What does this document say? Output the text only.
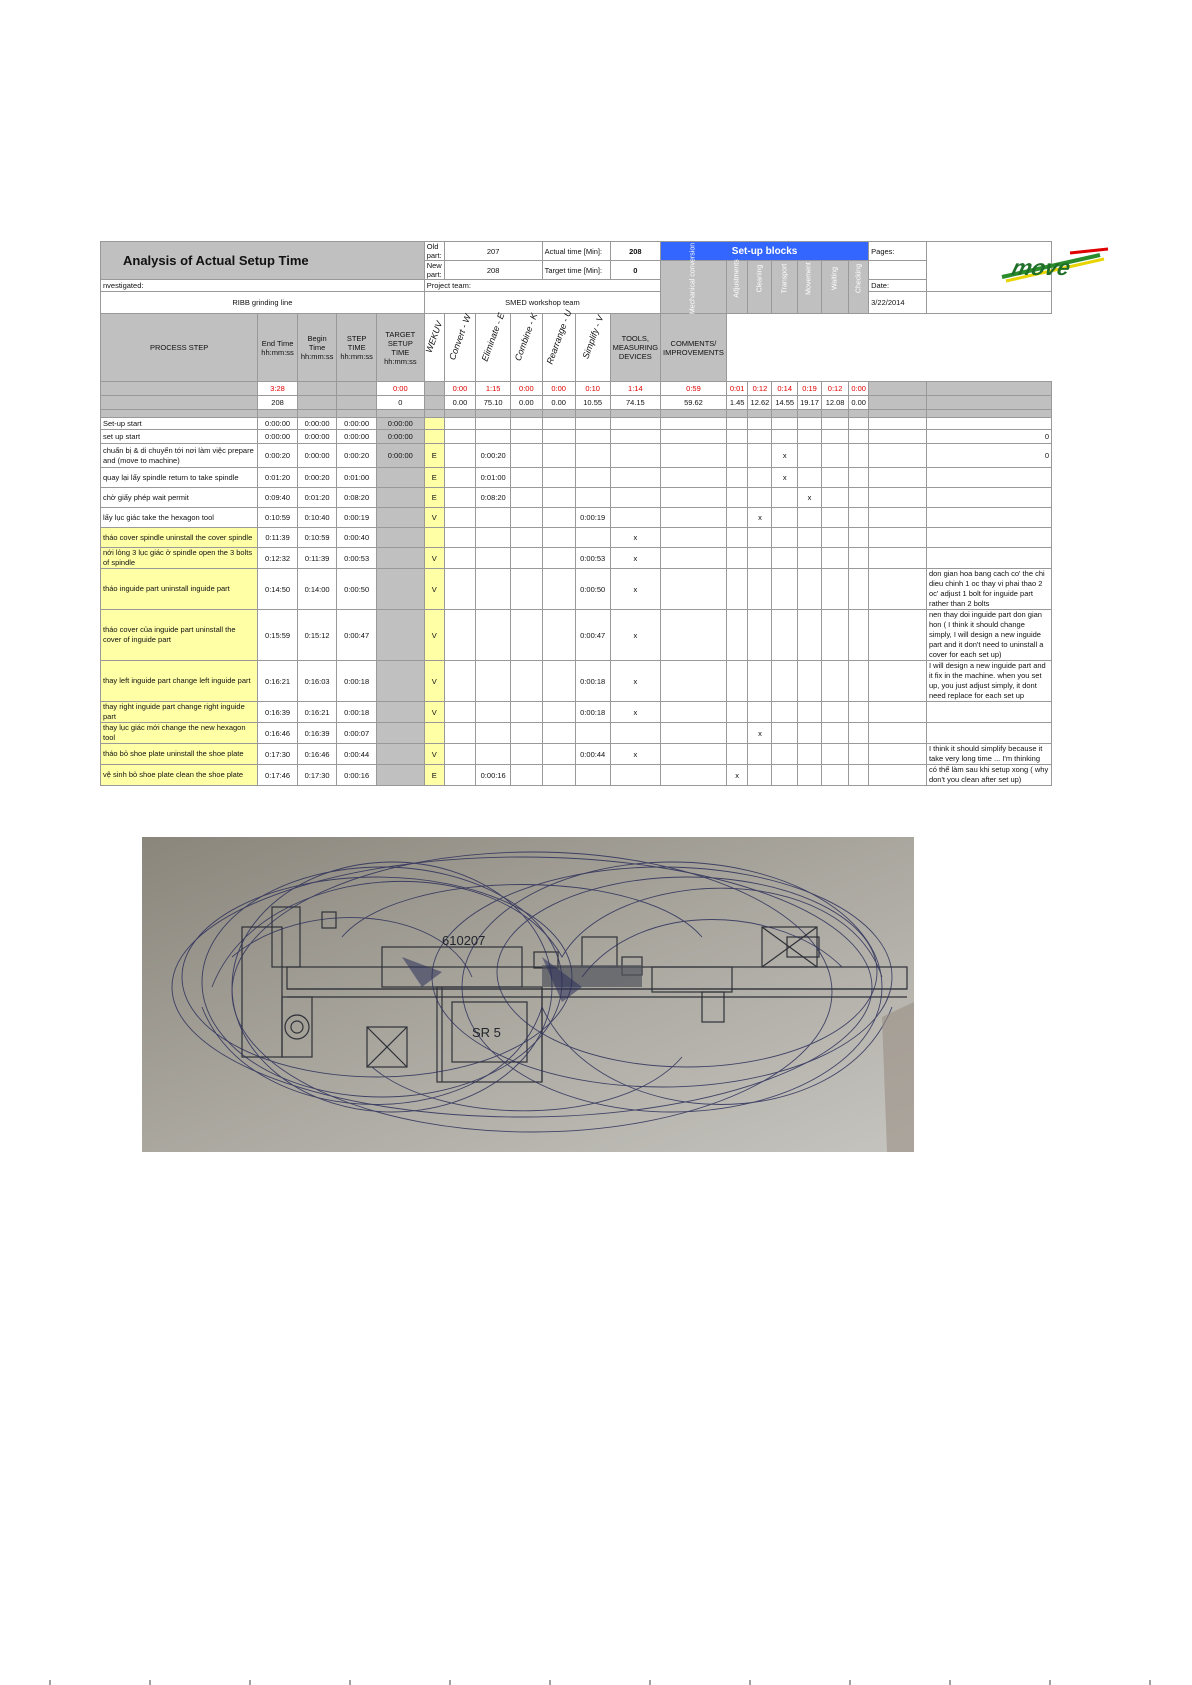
Analysis of Actual Setup Time					Old part:	207			Actual time [Min]:		208	Set-up blocks							Pages:	
					New part:	208			Target time [Min]:		0	Mechanical conversion	Adjustments	Cleaning	Transport	Movement	Waiting	Checking		

nvestigated:					Project team:														Date:	
RIBB grinding line					SMED workshop team														3/22/2014	
PROCESS STEP	End Time hh:mm:ss	Begin Time hh:mm:ss	STEP TIME hh:mm:ss	TARGET SETUP TIME hh:mm:ss	WEKUV	Convert - W	Eliminate - E	Combine - K	Rearrange - U	Simplify - V	TOOLS, MEASURING DEVICES	COMMENTS/ IMPROVEMENTS								
	3:28			0:00		0:00	1:15	0:00	0:00	0:10	1:14	0:59	0:01	0:12	0:14	0:19	0:12	0:00		
	208			0		0.00	75.10	0.00	0.00	10.55	74.15	59.62	1.45	12.62	14.55	19.17	12.08	0.00		

Set-up start	0:00:00	0:00:00	0:00:00	0:00:00																
set up start	0:00:00	0:00:00	0:00:00	0:00:00																0
chuẩn bị & di chuyển tới nơi làm việc prepare and (move to machine)	0:00:20	0:00:00	0:00:20	0:00:00	E		0:00:20								x					0
quay lại lấy spindle return to take spindle	0:01:20	0:00:20	0:01:00		E		0:01:00								x					
chờ giấy phép wait permit	0:09:40	0:01:20	0:08:20		E		0:08:20									x				
lấy lục giác take the hexagon tool	0:10:59	0:10:40	0:00:19		V					0:00:19				x						
tháo cover spindle uninstall the cover spindle	0:11:39	0:10:59	0:00:40								x									
nới lỏng 3 lục giác ở spindle open the 3 bolts of spindle	0:12:32	0:11:39	0:00:53		V					0:00:53	x									
tháo inguide part uninstall inguide part	0:14:50	0:14:00	0:00:50		V					0:00:50	x									don gian hoa bang cach co' the chi dieu chinh 1 oc thay vi phai thao 2 oc' adjust 1 bolt for inguide part rather than 2 bolts
tháo cover của inguide part uninstall the cover of inguide part	0:15:59	0:15:12	0:00:47		V					0:00:47	x									nen thay doi inguide part don gian hon ( I think it should change simply, I will design a new inguide part and it don't need to uninstall a cover for each set up)
thay left inguide part change left inguide part	0:16:21	0:16:03	0:00:18		V					0:00:18	x									I will design a new inguide part and it fix in the machine. when you set up, you just adjust simply, it dont need replace for each set up
thay right inguide part change right inguide part	0:16:39	0:16:21	0:00:18		V					0:00:18	x									
thay lục giác mới change the new hexagon tool	0:16:46	0:16:39	0:00:07											x						
tháo bỏ shoe plate uninstall the shoe plate	0:17:30	0:16:46	0:00:44		V					0:00:44	x									I think it should simplify because it take very long time ... I'm thinking
vệ sinh bỏ shoe plate clean the shoe plate	0:17:46	0:17:30	0:00:16		E		0:00:16						x							có thể làm sau khi setup xong ( why don't you clean after set up)
move
610207
SR 5
